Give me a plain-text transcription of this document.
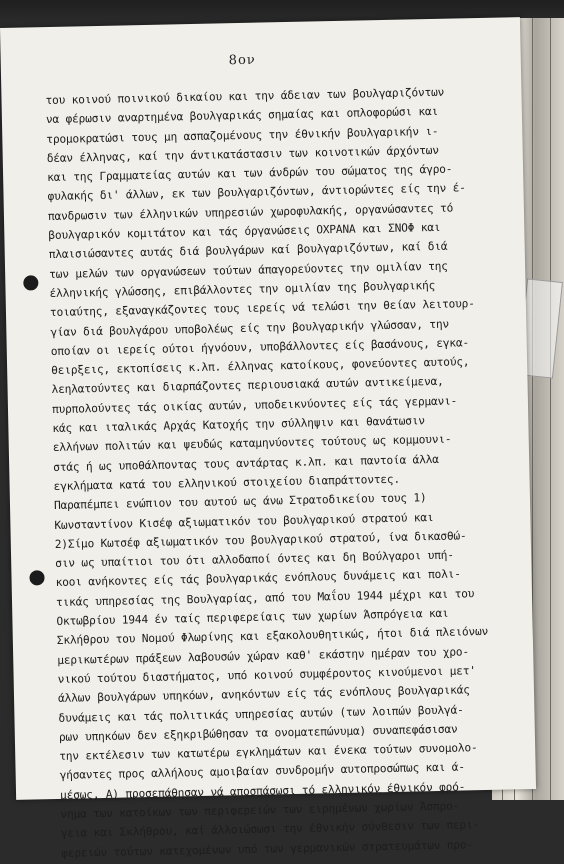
8ον
του κοινού ποινικού δικαίου και την άδειαν των βουλγαριζόντων
να φέρωσιν αναρτημένα βουλγαρικάς σημαίας και οπλοφορώσι και
τρομοκρατώσι τους μη ασπαζομένους την έθνικήν βουλγαρικήν ι-
δέαν έλληνας, καί την άντικατάστασιν των κοινοτικών άρχόντων
και της Γραμματείας αυτών και των άνδρών του σώματος της άγρο-
φυλακής δι' άλλων, εκ των βουλγαριζόντων, άντιορώντες είς την έ-
πανδρωσιν των έλληνικών υπηρεσιών χωροφυλακής, οργανώσαντες τό
βουλγαρικόν κομιτάτον και τάς όργανώσεις ΟΧΡΑΝΑ και ΣΝΟΦ και
πλαισιώσαντες αυτάς διά βουλγάρων καί βουλγαριζόντων, καί διά
των μελών των οργανώσεων τούτων άπαγορεύοντες την ομιλίαν της
έλληνικής γλώσσης, επιβάλλοντες την ομιλίαν της βουλγαρικής
τοιαύτης, εξαναγκάζοντες τους ιερείς νά τελώσι την θείαν λειτουρ-
γίαν διά βουλγάρου υποβολέως είς την βουλγαρικήν γλώσσαν, την
οποίαν οι ιερείς ούτοι ήγνόουν, υποβάλλοντες είς βασάνους, εγκα-
θειρξεις, εκτοπίσεις κ.λπ. έλληνας κατοίκους, φονεύοντες αυτούς,
λεηλατούντες και διαρπάζοντες περιουσιακά αυτών αντικείμενα,
πυρπολούντες τάς οικίας αυτών, υποδεικνύοντες είς τάς γερμανι-
κάς και ιταλικάς Αρχάς Κατοχής την σύλληψιν και θανάτωσιν
ελλήνων πολιτών και ψευδώς καταμηνύοντες τούτους ως κομμουνι-
στάς ή ως υποθάλποντας τους αντάρτας κ.λπ. και παντοία άλλα
εγκλήματα κατά του ελληνικού στοιχείου διαπράττοντες.
Παραπέμπει ενώπιον του αυτού ως άνω Στρατοδικείου τους 1)
Κωνσταντίνον Κισέφ αξιωματικόν του βουλγαρικού στρατού και
2)Σίμο Κωτσέφ αξιωματικόν του βουλγαρικού στρατού, ίνα δικασθώ-
σιν ως υπαίτιοι του ότι αλλοδαποί όντες και δη Βούλγαροι υπή-
κοοι ανήκοντες είς τάς βουλγαρικάς ενόπλους δυνάμεις και πολι-
τικάς υπηρεσίας της Βουλγαρίας, από του Μαΐου 1944 μέχρι και του
Οκτωβρίου 1944 έν ταίς περιφερείαις των χωρίων Άσπρόγεια και
Σκλήθρου του Νομού Φλωρίνης και εξακολουθητικώς, ήτοι διά πλειόνων
μερικωτέρων πράξεων λαβουσών χώραν καθ' εκάστην ημέραν του χρο-
νικού τούτου διαστήματος, υπό κοινού συμφέροντος κινούμενοι μετ'
άλλων βουλγάρων υπηκόων, ανηκόντων είς τάς ενόπλους βουλγαρικάς
δυνάμεις και τάς πολιτικάς υπηρεσίας αυτών (των λοιπών βουλγά-
ρων υπηκόων δεν εξηκριβώθησαν τα ονοματεπώνυμα) συναπεφάσισαν
την εκτέλεσιν των κατωτέρω εγκλημάτων και ένεκα τούτων συνομολο-
γήσαντες προς αλλήλους αμοιβαίαν συνδρομήν αυτοπροσώπως και ά-
μέσως, Α) προσεπάθησαν νά αποσπάσωσι τό ελληνικόν έθνικόν φρό-
νημα των κατοίκων των περιφερειών των ειρημένων χωρίων Άσπρο-
γεια και Σκλήθρου, καί άλλοιώσωσι την έθνικήν σύνθεσιν των περι-
φερειών τούτων κατεχομένων υπό των γερμανικών στρατευμάτων προ-
